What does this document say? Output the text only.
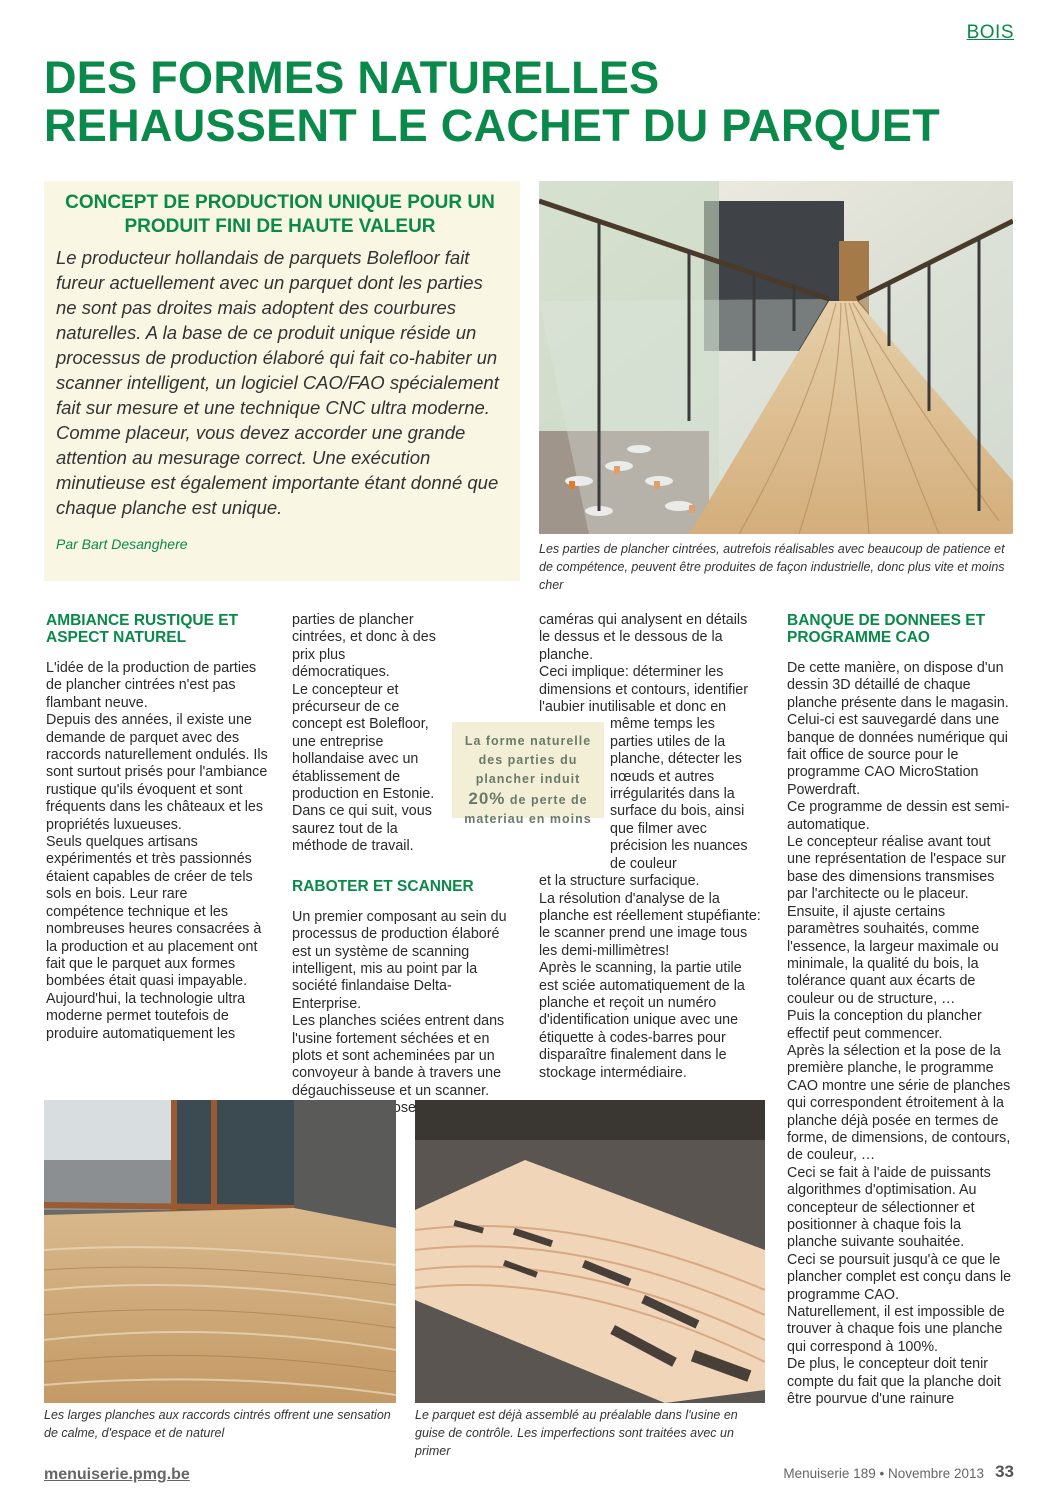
BOIS
DES FORMES NATURELLES
REHAUSSENT LE CACHET DU PARQUET
CONCEPT DE PRODUCTION UNIQUE POUR UN PRODUIT FINI DE HAUTE VALEUR

Le producteur hollandais de parquets Bolefloor fait fureur actuellement avec un parquet dont les parties ne sont pas droites mais adoptent des courbures naturelles. A la base de ce produit unique réside un processus de production élaboré qui fait co-habiter un scanner intelligent, un logiciel CAO/FAO spécialement fait sur mesure et une technique CNC ultra moderne. Comme placeur, vous devez accorder une grande attention au mesurage correct. Une exécution minutieuse est également importante étant donné que chaque planche est unique.

Par Bart Desanghere	Les parties de plancher cintrées, autrefois réalisables avec beaucoup de patience et de compétence, peuvent être produites de façon industrielle, donc plus vite et moins cher
AMBIANCE RUSTIQUE ET ASPECT NATUREL

L'idée de la production de parties de plancher cintrées n'est pas flambant neuve.
Depuis des années, il existe une demande de parquet avec des raccords naturellement ondulés. Ils sont surtout prisés pour l'ambiance rustique qu'ils évoquent et sont fréquents dans les châteaux et les propriétés luxueuses.
Seuls quelques artisans expérimentés et très passionnés étaient capables de créer de tels sols en bois. Leur rare compétence technique et les nombreuses heures consacrées à la production et au placement ont fait que le parquet aux formes bombées était quasi impayable.
Aujourd'hui, la technologie ultra moderne permet toutefois de produire automatiquement les

parties de plancher cintrées, et donc à des prix plus démocratiques.
Le concepteur et précurseur de ce concept est Bolefloor, une entreprise hollandaise avec un établissement de production en Estonie. Dans ce qui suit, vous saurez tout de la méthode de travail.

RABOTER ET SCANNER

Un premier composant au sein du processus de production élaboré est un système de scanning intelligent, mis au point par la société finlandaise Delta-Enterprise.
Les planches sciées entrent dans l'usine fortement séchées et en plots et sont acheminées par un convoyeur à bande à travers une dégauchisseuse et un scanner.

caméras qui analysent en détails le dessus et le dessous de la planche.
Ceci implique: déterminer les dimensions et contours, identifier l'aubier inutilisable et donc en

même temps les parties utiles de la planche, détecter les nœuds et autres irrégularités dans la surface du bois, ainsi que filmer avec précision les nuances de couleur

et la structure surfacique.
La résolution d'analyse de la planche est réellement stupéfiante: le scanner prend une image tous les demi-millimètres!
Après le scanning, la partie utile est sciée automatiquement de la planche et reçoit un numéro d'identification unique avec une étiquette à codes-barres pour disparaître finalement dans le stockage intermédiaire.

La forme naturelle
des parties du
plancher induit
20% de perte de
materiau en moins
BANQUE DE DONNEES ET PROGRAMME CAO

De cette manière, on dispose d'un dessin 3D détaillé de chaque planche présente dans le magasin. Celui-ci est sauvegardé dans une banque de données numérique qui fait office de source pour le programme CAO MicroStation Powerdraft.
Ce programme de dessin est semi-automatique.
Le concepteur réalise avant tout une représentation de l'espace sur base des dimensions transmises par l'architecte ou le placeur. Ensuite, il ajuste certains paramètres souhaités, comme l'essence, la largeur maximale ou minimale, la qualité du bois, la tolérance quant aux écarts de couleur ou de structure, …
Puis la conception du plancher effectif peut commencer.
Après la sélection et la pose de la première planche, le programme CAO montre une série de planches qui correspondent étroitement à la planche déjà posée en termes de forme, de dimensions, de contours, de couleur, …
Ceci se fait à l'aide de puissants algorithmes d'optimisation. Au concepteur de sélectionner et positionner à chaque fois la planche suivante souhaitée.
Ceci se poursuit jusqu'à ce que le plancher complet est conçu dans le programme CAO.
Naturellement, il est impossible de trouver à chaque fois une planche qui correspond à 100%.
De plus, le concepteur doit tenir compte du fait que la planche doit être pourvue d'une rainure

Les larges planches aux raccords cintrés offrent une sensation de calme, d'espace et de naturel
Le parquet est déjà assemblé au préalable dans l'usine en guise de contrôle. Les imperfections sont traitées avec un primer
menuiserie.pmg.be	Menuiserie 189 • Novembre 2013 33
